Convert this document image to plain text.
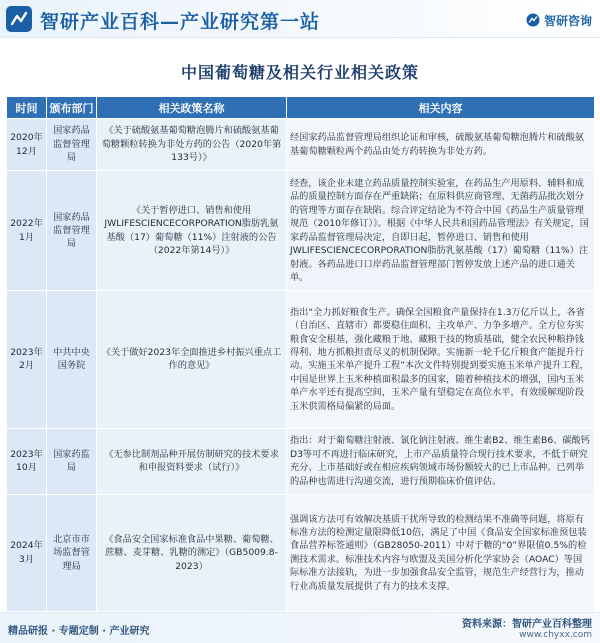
智研产业百科—产业研究第一站	智研咨询
中国葡萄糖及相关行业相关政策
时间	颁布部门	相关政策名称	相关内容
2020年12月	国家药品监督管理局	《关于硫酸氨基葡萄糖泡腾片和硫酸氨基葡萄糖颗粒转换为非处方药的公告（2020年第133号）》	经国家药品监督管理局组织论证和审核，硫酸氨基葡萄糖泡腾片和硫酸氨基葡萄糖颗粒两个药品由处方药转换为非处方药。
2022年1月	国家药品监督管理局	《关于暂停进口、销售和使用JWLIFESCIENCECORPORATION脂肪乳氨基酸（17）葡萄糖（11%）注射液的公告（2022年第14号）》	经查，该企业未建立药品质量控制实验室，在药品生产用原料、辅料和成品的质量控制方面存在严重缺陷；在原料供应商管理、无菌药品批次划分的管理等方面存在缺陷。综合评定结论为不符合中国《药品生产质量管理规范（2010年修订）》。根据《中华人民共和国药品管理法》有关规定，国家药品监督管理局决定，自即日起，暂停进口、销售和使用JWLIFESCIENCECORPORATION脂肪乳氨基酸（17）葡萄糖（11%）注射液。各药品进口口岸药品监督管理部门暂停发放上述产品的进口通关单。
2023年2月	中共中央国务院	《关于做好2023年全面推进乡村振兴重点工作的意见》	指出“全力抓好粮食生产。确保全国粮食产量保持在1.3万亿斤以上，各省（自治区、直辖市）都要稳住面积、主攻单产、力争多增产。全方位夯实粮食安全根基，强化藏粮于地、藏粮于技的物质基础，健全农民种粮挣钱得利、地方抓粮担责尽义的机制保障。实施新一轮千亿斤粮食产能提升行动。实施玉米单产提升工程”本次文件特别提到要实施玉米单产提升工程，中国是世界上玉米种植面积最多的国家，随着种植技术的增强，国内玉米单产水平还有提高空间，玉米产量有望稳定在高位水平，有效缓解现阶段玉米供需格局偏紧的局面。
2023年10月	国家药监局	《无参比制剂品种开展仿制研究的技术要求和申报资料要求（试行）》	指出：对于葡萄糖注射液、氯化钠注射液、维生素B2、维生素B6、碳酸钙D3等可不再进行临床研究，上市产品质量符合现行技术要求，不低于研究充分、上市基础好或在相应疾病领域市场份额较大的已上市品种。已列举的品种也需进行沟通交流，进行预期临床价值评估。
2024年3月	北京市市场监督管理局	《食品安全国家标准食品中果糖、葡萄糖、蔗糖、麦芽糖、乳糖的测定》（GB5009.8-2023）	强调该方法可有效解决基质干扰所导致的检测结果不准确等问题，将原有标准方法的检测定量限降低10倍，满足了中国《食品安全国家标准预包装食品营养标签通则》（GB28050-2011）中对于糖的“0”界限值0.5%的检测技术需求。标准技术内容与欧盟及美国分析化学家协会（AOAC）等国际标准方法接轨，为进一步加强食品安全监管，规范生产经营行为，推动行业高质量发展提供了有力的技术支撑。
精品研报 · 专题定制 · 产业研究
资料来源：智研产业百科整理
www.chyxx.com
